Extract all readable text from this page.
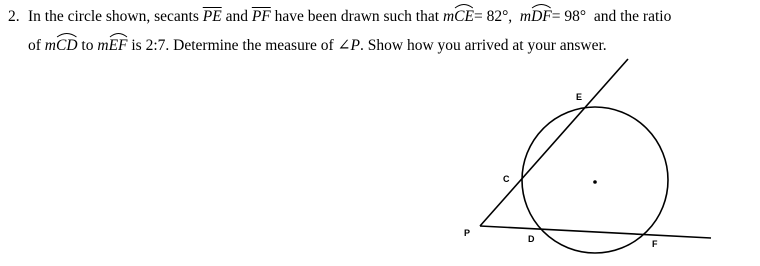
2. In the circle shown, secants $\overline{PE}$ and $\overline{PF}$ have been drawn such that m
CE= 82°, m
DF= 98° and the ratio
of m
CD to m
EF is 2:7. Determine the measure of ∠P. Show how you arrived at your answer.
P
C
E
D	F
